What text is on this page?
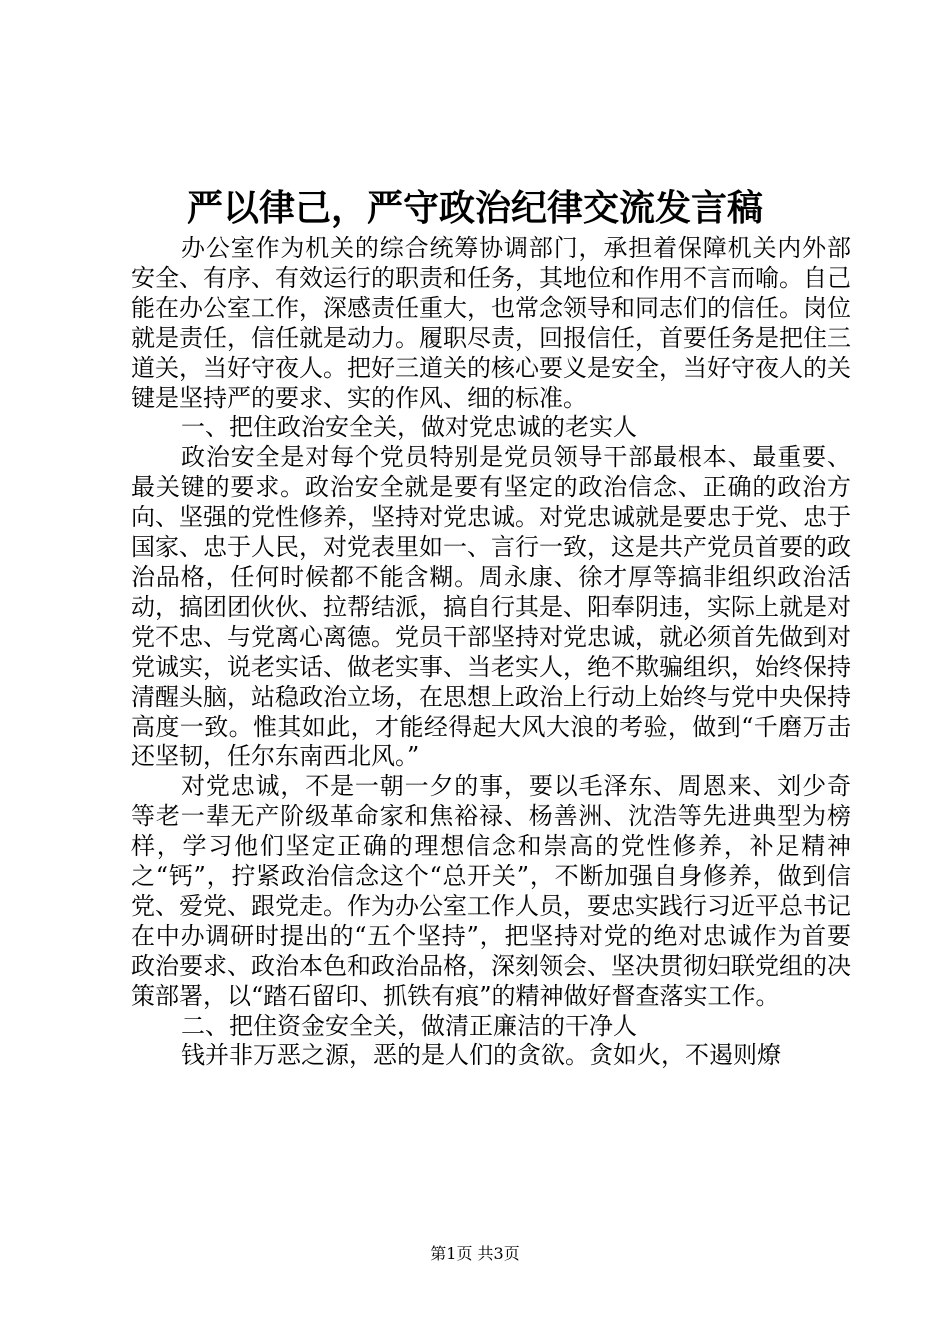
严以律己，严守政治纪律交流发言稿

办公室作为机关的综合统筹协调部门，承担着保障机关内外部安全、有序、有效运行的职责和任务，其地位和作用不言而喻。自己能在办公室工作，深感责任重大，也常念领导和同志们的信任。岗位就是责任，信任就是动力。履职尽责，回报信任，首要任务是把住三道关，当好守夜人。把好三道关的核心要义是安全，当好守夜人的关键是坚持严的要求、实的作风、细的标准。

一、把住政治安全关，做对党忠诚的老实人

政治安全是对每个党员特别是党员领导干部最根本、最重要、最关键的要求。政治安全就是要有坚定的政治信念、正确的政治方向、坚强的党性修养，坚持对党忠诚。对党忠诚就是要忠于党、忠于国家、忠于人民，对党表里如一、言行一致，这是共产党员首要的政治品格，任何时候都不能含糊。周永康、徐才厚等搞非组织政治活动，搞团团伙伙、拉帮结派，搞自行其是、阳奉阴违，实际上就是对党不忠、与党离心离德。党员干部坚持对党忠诚，就必须首先做到对党诚实，说老实话、做老实事、当老实人，绝不欺骗组织，始终保持清醒头脑，站稳政治立场，在思想上政治上行动上始终与党中央保持高度一致。惟其如此，才能经得起大风大浪的考验，做到“千磨万击还坚韧，任尔东南西北风。”

对党忠诚，不是一朝一夕的事，要以毛泽东、周恩来、刘少奇等老一辈无产阶级革命家和焦裕禄、杨善洲、沈浩等先进典型为榜样，学习他们坚定正确的理想信念和崇高的党性修养，补足精神之“钙”，拧紧政治信念这个“总开关”，不断加强自身修养，做到信党、爱党、跟党走。作为办公室工作人员，要忠实践行习近平总书记在中办调研时提出的“五个坚持”，把坚持对党的绝对忠诚作为首要政治要求、政治本色和政治品格，深刻领会、坚决贯彻妇联党组的决策部署，以“踏石留印、抓铁有痕”的精神做好督查落实工作。

二、把住资金安全关，做清正廉洁的干净人

钱并非万恶之源，恶的是人们的贪欲。贪如火，不遏则燎

第1页 共3页
